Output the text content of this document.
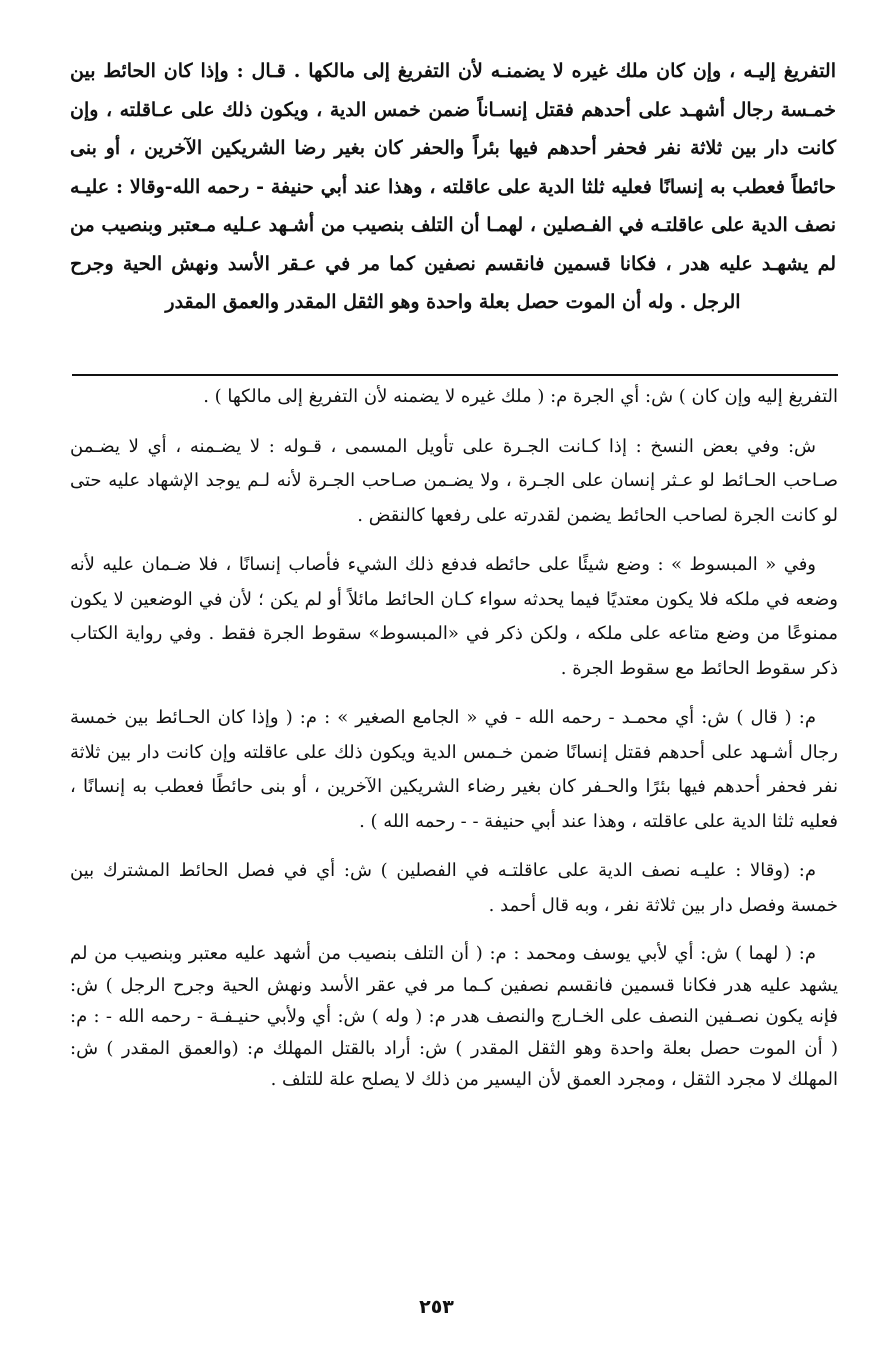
التفريغ إليـه ، وإن كان ملك غيره لا يضمنـه لأن التفريغ إلى مالكها . قـال : وإذا كان الحائط بين خمـسة رجال أشهـد على أحدهم فقتل إنسـاناً ضمن خمس الدية ، ويكون ذلك على عـاقلته ، وإن كانت دار بين ثلاثة نفر فحفر أحدهم فيها بئراً والحفر كان بغير رضا الشريكين الآخرين ، أو بنى حائطاً فعطب به إنسانًا فعليه ثلثا الدية على عاقلته ، وهذا عند أبي حنيفة - رحمه الله-وقالا : عليـه نصف الدية على عاقلتـه في الفـصلين ، لهمـا أن التلف بنصيب من أشـهد عـليه مـعتبر وبنصيب من لم يشهـد عليه هدر ، فكانا قسمين فانقسم نصفين كما مر في عـقر الأسد ونهش الحية وجرح الرجل . وله أن الموت حصل بعلة واحدة وهو الثقل المقدر والعمق المقدر

التفريغ إليه وإن كان ) ش: أي الجرة م: ( ملك غيره لا يضمنه لأن التفريغ إلى مالكها ) .

ش: وفي بعض النسخ : إذا كـانت الجـرة على تأويل المسمى ، قـوله : لا يضـمنه ، أي لا يضـمن صـاحب الحـائط لو عـثر إنسان على الجـرة ، ولا يضـمن صـاحب الجـرة لأنه لـم يوجد الإشهاد عليه حتى لو كانت الجرة لصاحب الحائط يضمن لقدرته على رفعها كالنقض .

وفي « المبسوط » : وضع شيئًا على حائطه فدفع ذلك الشيء فأصاب إنسانًا ، فلا ضـمان عليه لأنه وضعه في ملكه فلا يكون معتديًا فيما يحدثه سواء كـان الحائط مائلاً أو لم يكن ؛ لأن في الوضعين لا يكون ممنوعًا من وضع متاعه على ملكه ، ولكن ذكر في «المبسوط» سقوط الجرة فقط . وفي رواية الكتاب ذكر سقوط الحائط مع سقوط الجرة .

م: ( قال ) ش: أي محمـد - رحمه الله - في « الجامع الصغير » : م: ( وإذا كان الحـائط بين خمسة رجال أشـهد على أحدهم فقتل إنسانًا ضمن خـمس الدية ويكون ذلك على عاقلته وإن كانت دار بين ثلاثة نفر فحفر أحدهم فيها بئرًا والحـفر كان بغير رضاء الشريكين الآخرين ، أو بنى حائطًا فعطب به إنسانًا ، فعليه ثلثا الدية على عاقلته ، وهذا عند أبي حنيفة - - رحمه الله ) .

م: (وقالا : عليـه نصف الدية على عاقلتـه في الفصلين ) ش: أي في فصل الحائط المشترك بين خمسة وفصل دار بين ثلاثة نفر ، وبه قال أحمد .

م: ( لهما ) ش: أي لأبي يوسف ومحمد : م: ( أن التلف بنصيب من أشهد عليه معتبر وبنصيب من لم يشهد عليه هدر فكانا قسمين فانقسم نصفين كـما مر في عقر الأسد ونهش الحية وجرح الرجل ) ش: فإنه يكون نصـفين النصف على الخـارج والنصف هدر م: ( وله ) ش: أي ولأبي حنيـفـة - رحمه الله - : م: ( أن الموت حصل بعلة واحدة وهو الثقل المقدر ) ش: أراد بالقتل المهلك م: (والعمق المقدر ) ش: المهلك لا مجرد الثقل ، ومجرد العمق لأن اليسير من ذلك لا يصلح علة للتلف .

٢٥٣
